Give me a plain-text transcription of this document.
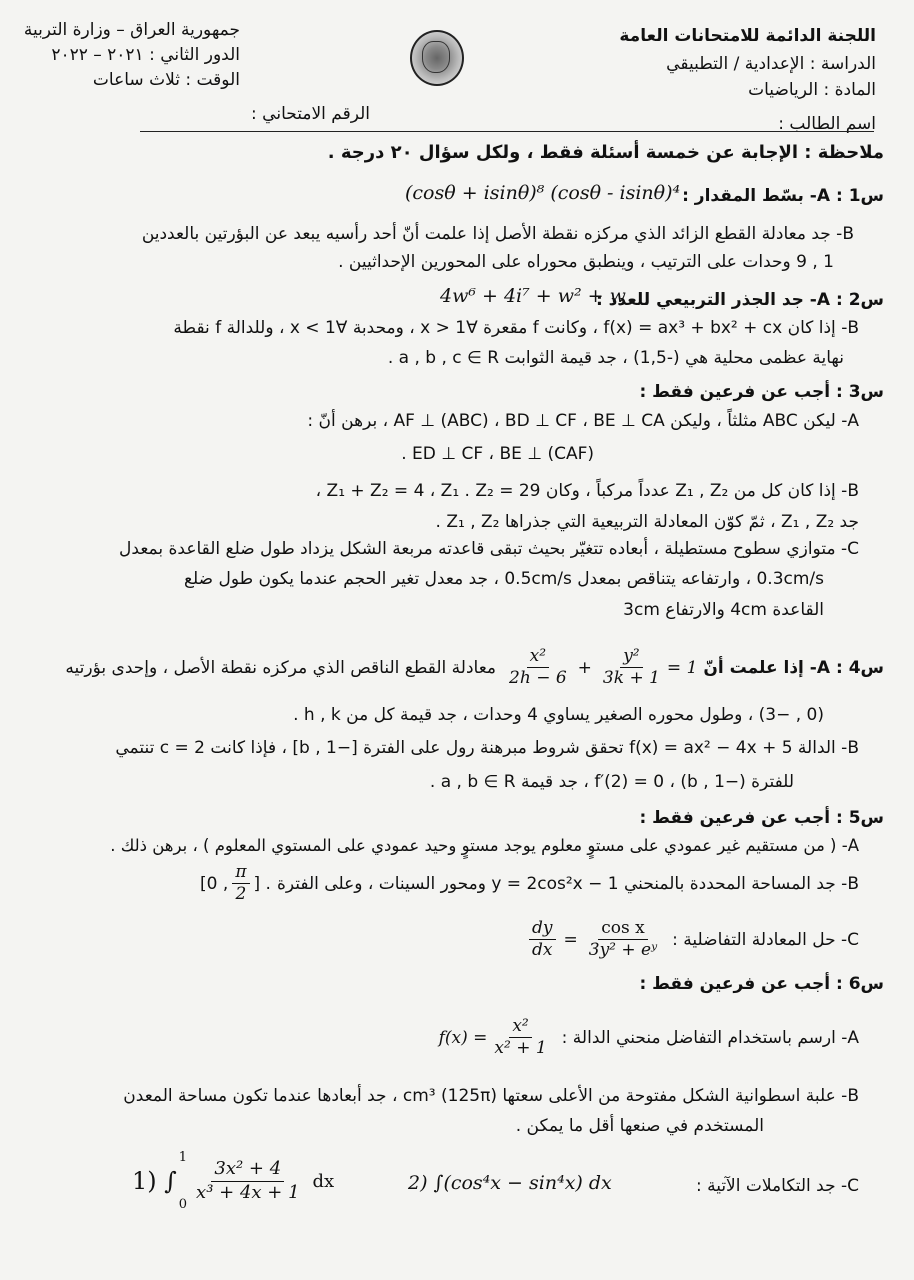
اللجنة الدائمة للامتحانات العامة
الدراسة : الإعدادية / التطبيقي
المادة : الرياضيات
اسم الطالب :
جمهورية العراق – وزارة التربية
الدور الثاني : ٢٠٢١ – ٢٠٢٢
الوقت : ثلاث ساعات
الرقم الامتحاني :
ملاحظة : الإجابة عن خمسة أسئلة فقط ، ولكل سؤال ٢٠ درجة .
س1 : A- بسّط المقدار :
(cosθ + isinθ)⁸ (cosθ - isinθ)⁴
B- جد معادلة القطع الزائد الذي مركزه نقطة الأصل إذا علمت أنّ أحد رأسيه يبعد عن البؤرتين بالعددين
1 , 9 وحدات على الترتيب ، وينطبق محوراه على المحورين الإحداثيين .
س2 : A- جد الجذر التربيعي للعدد :
4w⁶ + 4i⁷ + w² + w
B- إذا كان f(x) = ax³ + bx² + cx ، وكانت f مقعرة ∀x > 1 ، ومحدبة ∀x < 1 ، وللدالة f نقطة
نهاية عظمى محلية هي (-1,5) ، جد قيمة الثوابت a , b , c ∈ R .
س3 : أجب عن فرعين فقط :
A- ليكن ABC مثلثاً ، وليكن AF ⊥ (ABC) ، BD ⊥ CF ، BE ⊥ CA ، برهن أنّ :
ED ⊥ CF ، BE ⊥ (CAF) .
B- إذا كان كل من Z₁ , Z₂ عدداً مركباً ، وكان Z₁ + Z₂ = 4 ، Z₁ . Z₂ = 29 ،
جد Z₁ , Z₂ ، ثمّ كوّن المعادلة التربيعية التي جذراها Z₁ , Z₂ .
C- متوازي سطوح مستطيلة ، أبعاده تتغيّر بحيث تبقى قاعدته مربعة الشكل يزداد طول ضلع القاعدة بمعدل
0.3cm/s ، وارتفاعه يتناقص بمعدل 0.5cm/s ، جد معدل تغير الحجم عندما يكون طول ضلع
القاعدة 4cm والارتفاع 3cm
س4 : A- إذا علمت أنّ
$\frac{\text{x²}}{2h - 6} + \frac{\text{y²}}{3k + 1} = 1$
معادلة القطع الناقص الذي مركزه نقطة الأصل ، وإحدى بؤرتيه
(0 , −3) ، وطول محوره الصغير يساوي 4 وحدات ، جد قيمة كل من h , k .
B- الدالة f(x) = ax² − 4x + 5 تحقق شروط مبرهنة رول على الفترة [−1 , b] ، فإذا كانت c = 2 تنتمي
للفترة (−1 , b) ، f′(2) = 0 ، جد قيمة a , b ∈ R .
س5 : أجب عن فرعين فقط :
A- ( من مستقيم غير عمودي على مستوٍ معلوم يوجد مستوٍ وحيد عمودي على المستوي المعلوم ) ، برهن ذلك .
B- جد المساحة المحددة بالمنحني y = 2cos²x − 1 ومحور السينات ، وعلى الفترة
[0 , $\frac{\pi}{2}$ ] .
C- حل المعادلة التفاضلية :
$\frac{dy}{dx} = \frac{\text{cos x}}{\text{3y² + eʸ}}$
س6 : أجب عن فرعين فقط :
A- ارسم باستخدام التفاضل منحني الدالة :
$f(x) = \frac{\text{x²}}{\text{x² + 1}}$
B- علبة اسطوانية الشكل مفتوحة من الأعلى سعتها (125π) cm³ ، جد أبعادها عندما تكون مساحة المعدن
المستخدم في صنعها أقل ما يمكن .
C- جد التكاملات الآتية :
2) ∫(cos⁴x − sin⁴x) dx
1) ∫
1
0
$\frac{\text{3x² + 4}}{\text{x³ + 4x + 1}}$ dx
